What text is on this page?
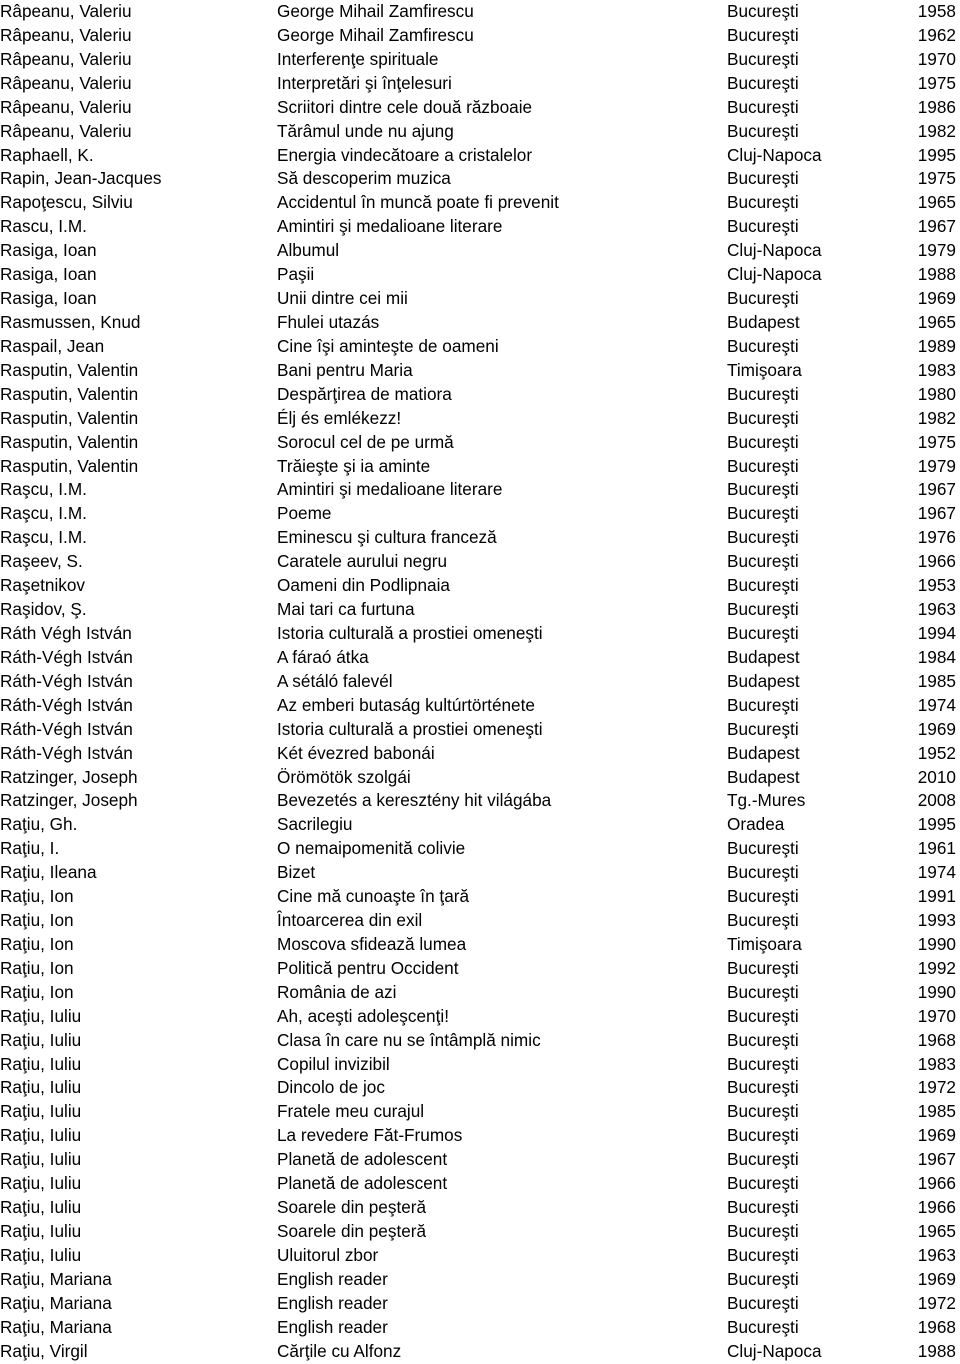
Râpeanu, Valeriu	George Mihail Zamfirescu	Bucureşti	1958
Râpeanu, Valeriu	George Mihail Zamfirescu	Bucureşti	1962
Râpeanu, Valeriu	Interferenţe spirituale	Bucureşti	1970
Râpeanu, Valeriu	Interpretări şi înţelesuri	Bucureşti	1975
Râpeanu, Valeriu	Scriitori dintre cele două războaie	Bucureşti	1986
Râpeanu, Valeriu	Tărâmul unde nu ajung	Bucureşti	1982
Raphaell, K.	Energia vindecătoare a cristalelor	Cluj-Napoca	1995
Rapin, Jean-Jacques	Să descoperim muzica	Bucureşti	1975
Rapoţescu, Silviu	Accidentul în muncă poate fi prevenit	Bucureşti	1965
Rascu, I.M.	Amintiri şi medalioane literare	Bucureşti	1967
Rasiga, Ioan	Albumul	Cluj-Napoca	1979
Rasiga, Ioan	Paşii	Cluj-Napoca	1988
Rasiga, Ioan	Unii dintre cei mii	Bucureşti	1969
Rasmussen, Knud	Fhulei utazás	Budapest	1965
Raspail, Jean	Cine îşi aminteşte de oameni	Bucureşti	1989
Rasputin, Valentin	Bani pentru Maria	Timişoara	1983
Rasputin, Valentin	Despărţirea de matiora	Bucureşti	1980
Rasputin, Valentin	Élj és emlékezz!	Bucureşti	1982
Rasputin, Valentin	Sorocul cel de pe urmă	Bucureşti	1975
Rasputin, Valentin	Trăieşte şi ia aminte	Bucureşti	1979
Raşcu, I.M.	Amintiri şi medalioane literare	Bucureşti	1967
Raşcu, I.M.	Poeme	Bucureşti	1967
Raşcu, I.M.	Eminescu şi cultura franceză	Bucureşti	1976
Raşeev, S.	Caratele aurului negru	Bucureşti	1966
Raşetnikov	Oameni din Podlipnaia	Bucureşti	1953
Raşidov, Ş.	Mai tari ca furtuna	Bucureşti	1963
Ráth Végh István	Istoria culturală a prostiei omeneşti	Bucureşti	1994
Ráth-Végh István	A fáraó átka	Budapest	1984
Ráth-Végh István	A sétáló falevél	Budapest	1985
Ráth-Végh István	Az emberi butaság kultúrtörténete	Bucureşti	1974
Ráth-Végh István	Istoria culturală a prostiei omeneşti	Bucureşti	1969
Ráth-Végh István	Két évezred babonái	Budapest	1952
Ratzinger, Joseph	Örömötök szolgái	Budapest	2010
Ratzinger, Joseph	Bevezetés a keresztény hit világába	Tg.-Mures	2008
Raţiu, Gh.	Sacrilegiu	Oradea	1995
Raţiu, I.	O nemaipomenită colivie	Bucureşti	1961
Raţiu, Ileana	Bizet	Bucureşti	1974
Raţiu, Ion	Cine mă cunoaşte în ţară	Bucureşti	1991
Raţiu, Ion	Întoarcerea din exil	Bucureşti	1993
Raţiu, Ion	Moscova sfidează lumea	Timişoara	1990
Raţiu, Ion	Politică pentru Occident	Bucureşti	1992
Raţiu, Ion	România de azi	Bucureşti	1990
Raţiu, Iuliu	Ah, aceşti adoleşcenţi!	Bucureşti	1970
Raţiu, Iuliu	Clasa în care nu se întâmplă nimic	Bucureşti	1968
Raţiu, Iuliu	Copilul invizibil	Bucureşti	1983
Raţiu, Iuliu	Dincolo de joc	Bucureşti	1972
Raţiu, Iuliu	Fratele meu curajul	Bucureşti	1985
Raţiu, Iuliu	La revedere Făt-Frumos	Bucureşti	1969
Raţiu, Iuliu	Planetă de adolescent	Bucureşti	1967
Raţiu, Iuliu	Planetă de adolescent	Bucureşti	1966
Raţiu, Iuliu	Soarele din peşteră	Bucureşti	1966
Raţiu, Iuliu	Soarele din peşteră	Bucureşti	1965
Raţiu, Iuliu	Uluitorul zbor	Bucureşti	1963
Raţiu, Mariana	English reader	Bucureşti	1969
Raţiu, Mariana	English reader	Bucureşti	1972
Raţiu, Mariana	English reader	Bucureşti	1968
Raţiu, Virgil	Cărţile cu Alfonz	Cluj-Napoca	1988
